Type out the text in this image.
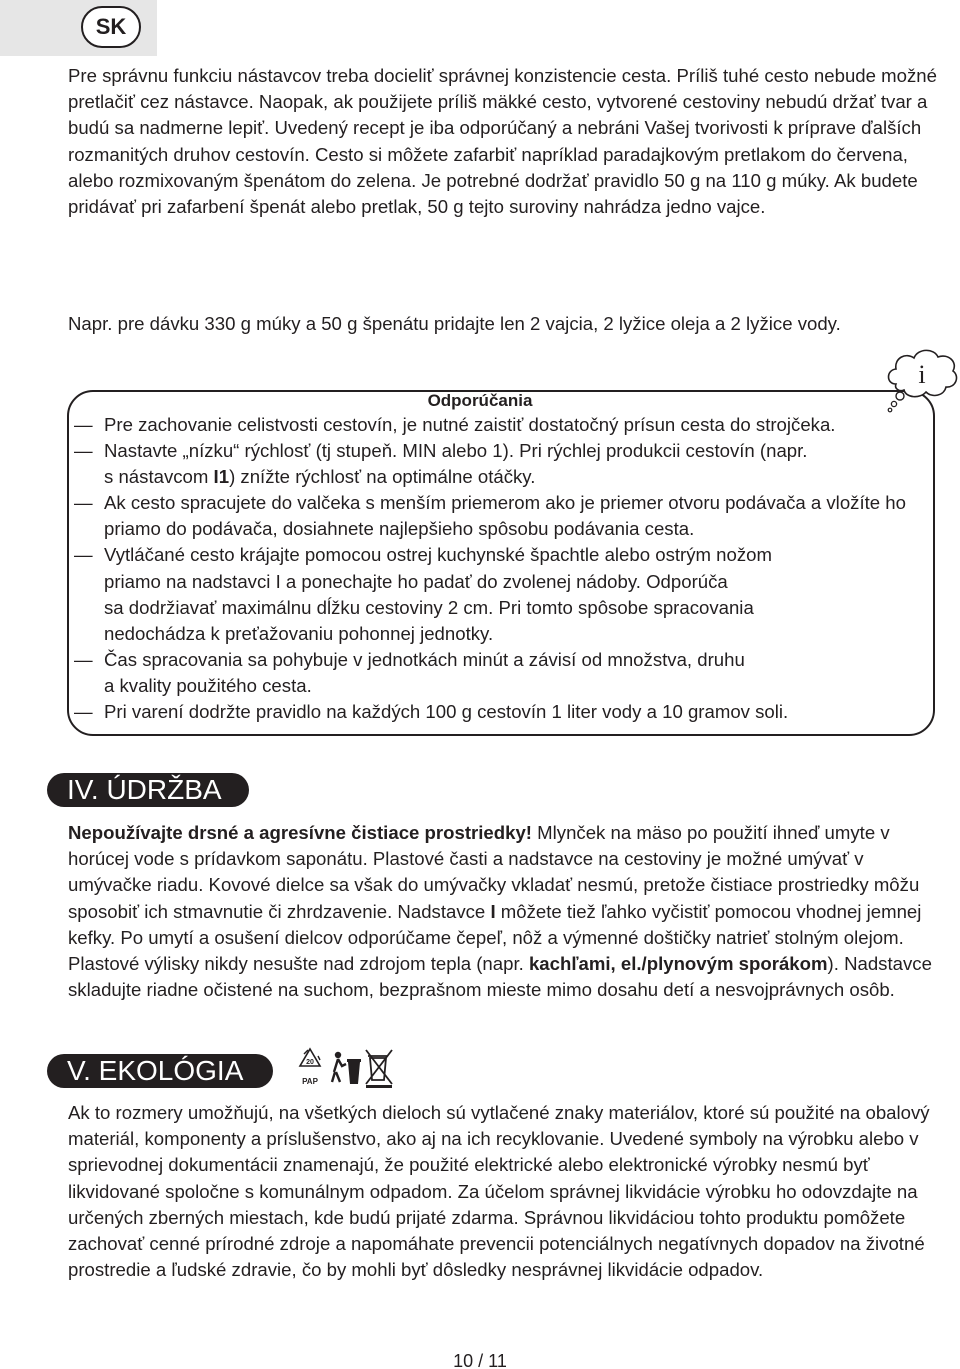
SK

Pre správnu funkciu nástavcov treba docieliť správnej konzistencie cesta. Príliš tuhé cesto nebude možné pretlačiť cez nástavce. Naopak, ak použijete príliš mäkké cesto, vytvorené cestoviny nebudú držať tvar a budú sa nadmerne lepiť. Uvedený recept je iba odporúčaný a nebráni Vašej tvorivosti k príprave ďalších rozmanitých druhov cestovín. Cesto si môžete zafarbiť napríklad paradajkovým pretlakom do červena, alebo rozmixovaným špenátom do zelena. Je potrebné dodržať pravidlo 50 g na 110 g múky. Ak budete pridávať pri zafarbení špenát alebo pretlak, 50 g tejto suroviny nahrádza jedno vajce.

Napr. pre dávku 330 g múky a 50 g špenátu pridajte len 2 vajcia, 2 lyžice oleja a 2 lyžice vody.

i
Odporúčania
— Pre zachovanie celistvosti cestovín, je nutné zaistiť dostatočný prísun cesta do strojčeka.
— Nastavte „nízku“ rýchlosť (tj stupeň. MIN alebo 1). Pri rýchlej produkcii cestovín (napr.
s nástavcom I1) znížte rýchlosť na optimálne otáčky.
— Ak cesto spracujete do valčeka s menším priemerom ako je priemer otvoru podávača a vložíte ho priamo do podávača, dosiahnete najlepšieho spôsobu podávania cesta.
— Vytláčané cesto krájajte pomocou ostrej kuchynské špachtle alebo ostrým nožom
priamo na nadstavci I a ponechajte ho padať do zvolenej nádoby. Odporúča
sa dodržiavať maximálnu dĺžku cestoviny 2 cm. Pri tomto spôsobe spracovania
nedochádza k preťažovaniu pohonnej jednotky.
— Čas spracovania sa pohybuje v jednotkách minút a závisí od množstva, druhu
a kvality použitého cesta.
— Pri varení dodržte pravidlo na každých 100 g cestovín 1 liter vody a 10 gramov soli.
IV. ÚDRŽBA

Nepoužívajte drsné a agresívne čistiace prostriedky! Mlynček na mäso po použití ihneď umyte v horúcej vode s prídavkom saponátu. Plastové časti a nadstavce na cestoviny je možné umývať v umývačke riadu. Kovové dielce sa však do umývačky vkladať nesmú, pretože čistiace prostriedky môžu sposobiť ich stmavnutie či zhrdzavenie. Nadstavce I môžete tiež ľahko vyčistiť pomocou vhodnej jemnej kefky. Po umytí a osušení dielcov odporúčame čepeľ, nôž a výmenné doštičky natrieť stolným olejom. Plastové výlisky nikdy nesušte nad zdrojom tepla (napr. kachľami, el./plynovým sporákom). Nadstavce skladujte riadne očistené na suchom, bezprašnom mieste mimo dosahu detí a nesvojprávnych osôb.

V. EKOLÓGIA	20
PAP

Ak to rozmery umožňujú, na všetkých dieloch sú vytlačené znaky materiálov, ktoré sú použité na obalový materiál, komponenty a príslušenstvo, ako aj na ich recyklovanie. Uvedené symboly na výrobku alebo v sprievodnej dokumentácii znamenajú, že použité elektrické alebo elektronické výrobky nesmú byť likvidované spoločne s komunálnym odpadom. Za účelom správnej likvidácie výrobku ho odovzdajte na určených zberných miestach, kde budú prijaté zdarma. Správnou likvidáciou tohto produktu pomôžete zachovať cenné prírodné zdroje a napomáhate prevencii potenciálnych negatívnych dopadov na životné prostredie a ľudské zdravie, čo by mohli byť dôsledky nesprávnej likvidácie odpadov.

10 / 11
